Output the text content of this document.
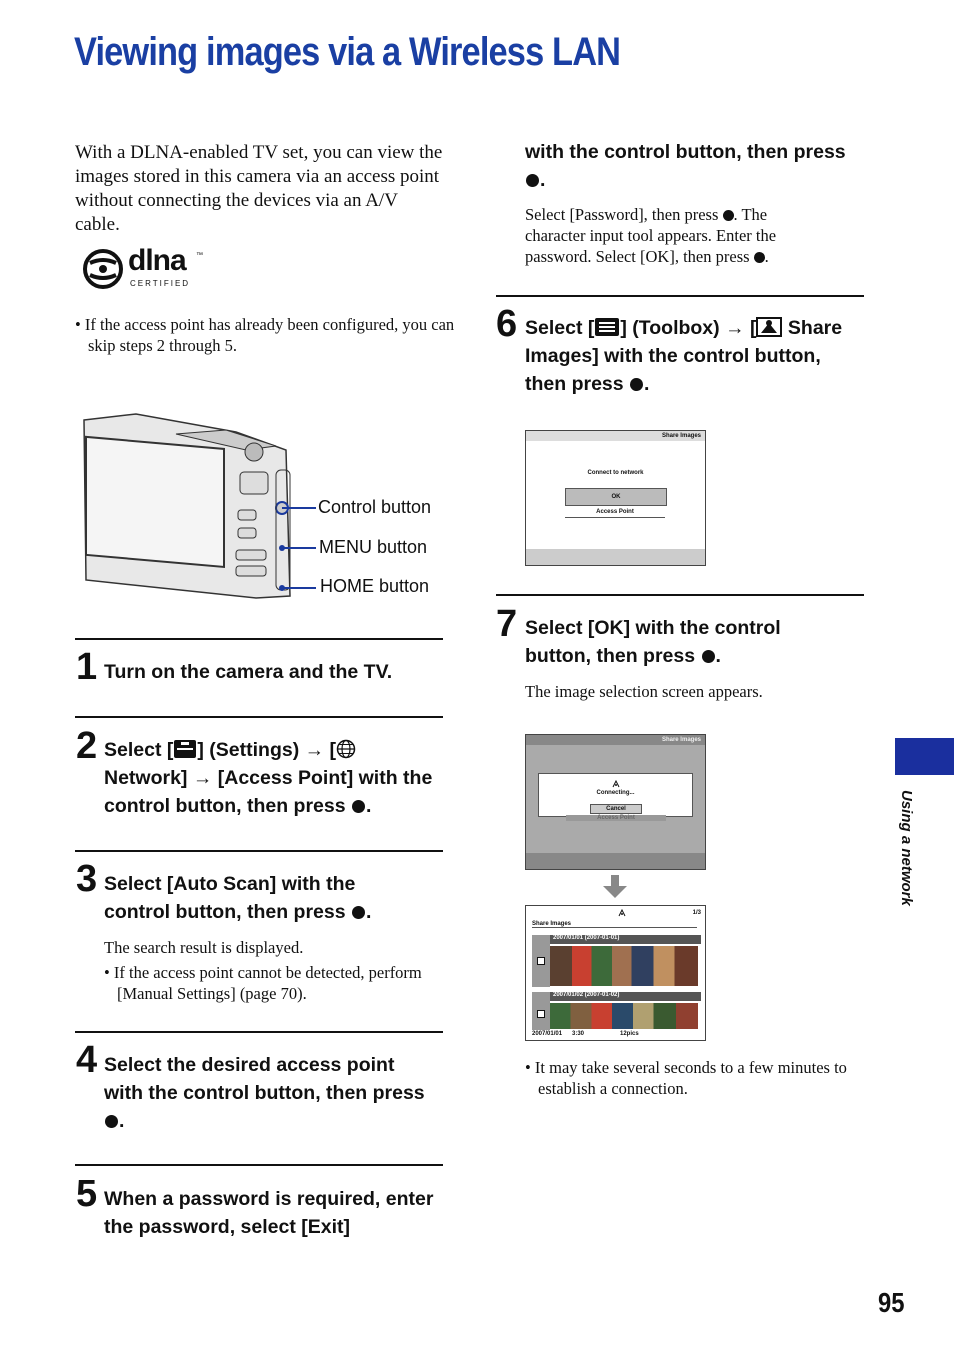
Viewing images via a Wireless LAN
With a DLNA-enabled TV set, you can view the images stored in this camera via an access point without connecting the devices via an A/V cable.
dlna ™
CERTIFIED
• If the access point has already been configured, you can skip steps 2 through 5.
Control button
MENU button
HOME button
1 Turn on the camera and the TV.
2 Select [ ] (Settings) → [ Network] → [Access Point] with the control button, then press .
3 Select [Auto Scan] with the control button, then press .
The search result is displayed.
• If the access point cannot be detected, perform [Manual Settings] (page 70).
4 Select the desired access point with the control button, then press .
5 When a password is required, enter the password, select [Exit]
with the control button, then press .
Select [Password], then press . The character input tool appears. Enter the password. Select [OK], then press .
6 Select [ ] (Toolbox) → [ Share Images] with the control button, then press .
Share Images
Connect to network
OK
Access Point
7 Select [OK] with the control button, then press .
The image selection screen appears.
Share Images
Connecting...
Cancel
Access Point
1/3
Share Images
2007/01/01 (2007-01-01)
2007/01/02 (2007-01-02)
2007/01/01 3:30	12pics
• It may take several seconds to a few minutes to establish a connection.
Using a network
95
